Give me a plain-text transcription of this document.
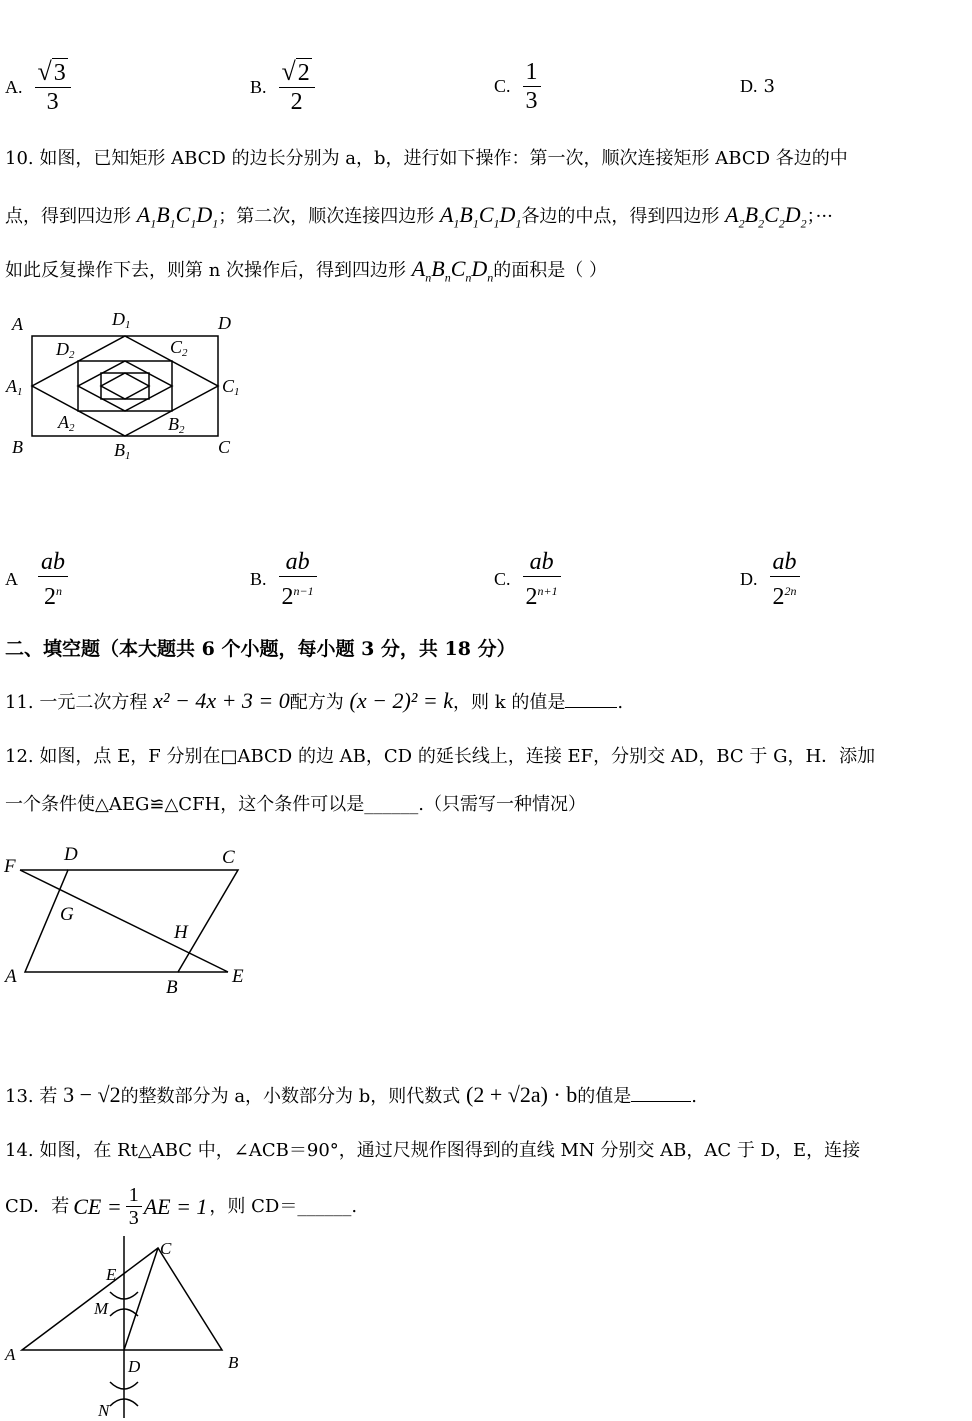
A. $\frac{√ 3}{3}$	B. $\frac{√ 2}{2}$	C. $\frac{1}{3}$	D. 3
10. 如图，已知矩形 ABCD 的边长分别为 a，b，进行如下操作：第一次，顺次连接矩形 ABCD 各边的中
点，得到四边形 $A_1B_1C_1D_1$；第二次，顺次连接四边形 $A_1B_1C_1D_1$各边的中点，得到四边形 $A_2B_2C_2D_2$；···
如此反复操作下去，则第 n 次操作后，得到四边形 $A_nB_nC_nD_n$的面积是（ ）
A	D
D1
D2	C2
A1	C1
A2	B2
B	B1	C
A $\frac{ab}{2^n}$	B. $\frac{ab}{2^{n-1}}$	C. $\frac{ab}{2^{n+1}}$	D. $\frac{ab}{2^{2n}}$
二、填空题（本大题共 6 个小题，每小题 3 分，共 18 分）
11. 一元二次方程 x² − 4x + 3 = 0配方为 (x − 2)² = k，则 k 的值是	.
12. 如图，点 E，F 分别在□ABCD 的边 AB，CD 的延长线上，连接 EF，分别交 AD，BC 于 G，H．添加
一个条件使△AEG≌△CFH，这个条件可以是______.（只需写一种情况）
F
D	C
G
H
A
B
E
13. 若 3 − √2的整数部分为 a，小数部分为 b，则代数式 (2 + √2a) · b的值是	.
14. 如图，在 Rt△ABC 中，∠ACB＝90°，通过尺规作图得到的直线 MN 分别交 AB，AC 于 D，E，连接
CD．若 CE = $\frac{1}{3}$ AE = 1 ，则 CD＝______.
C
E
M
A
D	B
N
